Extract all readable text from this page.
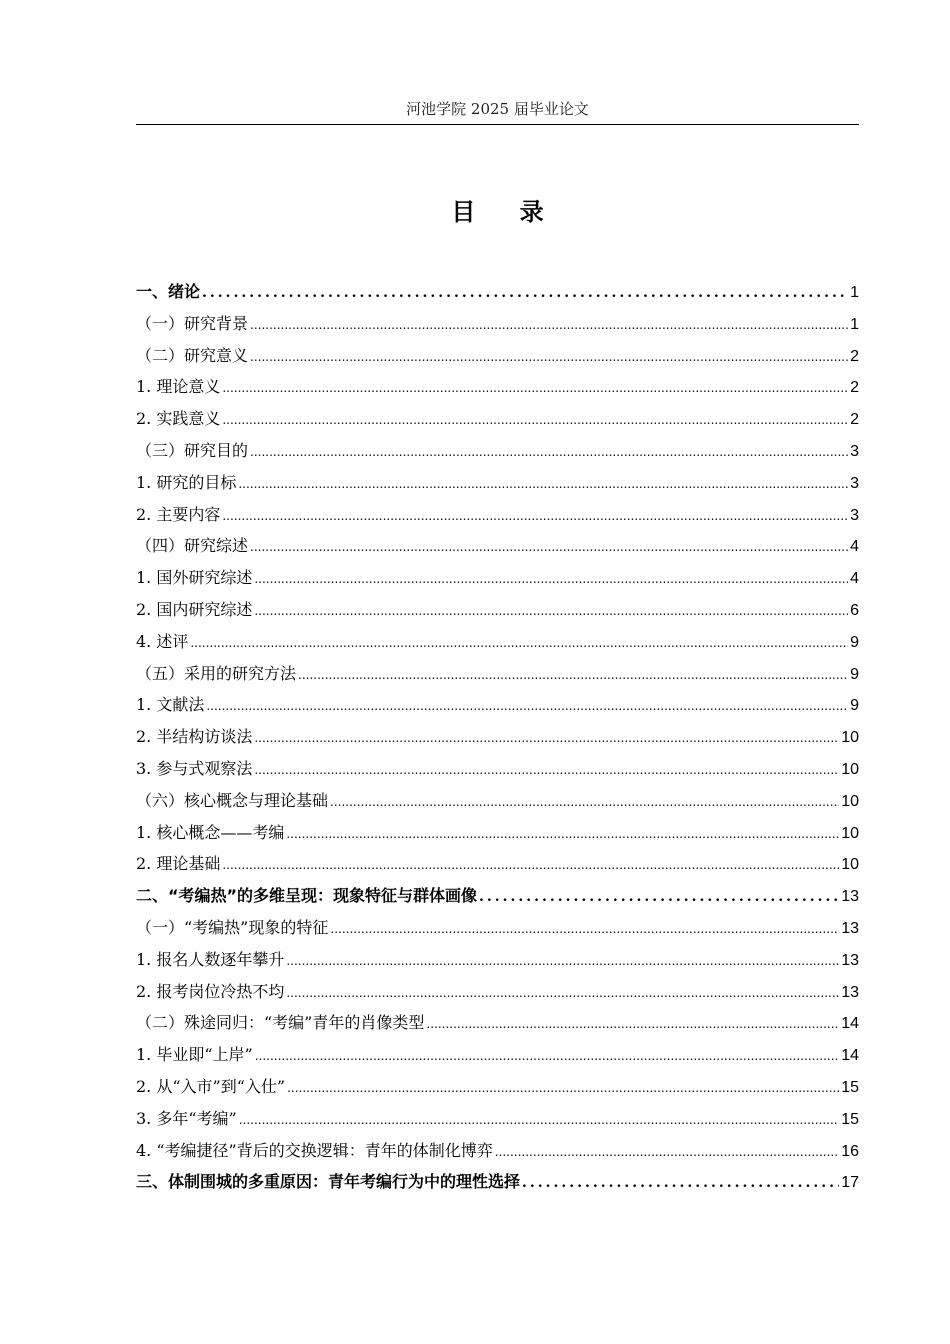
河池学院 2025 届毕业论文
目 录
一、绪论 .....	1
（一）研究背景 .....	1
（二）研究意义 .....	2
1. 理论意义 .....	2
2. 实践意义 .....	2
（三）研究目的 .....	3
1. 研究的目标 .....	3
2. 主要内容 .....	3
（四）研究综述 .....	4
1. 国外研究综述 .....	4
2. 国内研究综述 .....	6
4. 述评 .....	9
（五）采用的研究方法 .....	9
1. 文献法 .....	9
2. 半结构访谈法 .....	10
3. 参与式观察法 .....	10
（六）核心概念与理论基础 .....	10
1. 核心概念——考编 .....	10
2. 理论基础 .....	10
二、“考编热”的多维呈现：现象特征与群体画像 .....	13
（一）“考编热”现象的特征 .....	13
1. 报名人数逐年攀升 .....	13
2. 报考岗位冷热不均 .....	13
（二）殊途同归：“考编”青年的肖像类型 .....	14
1. 毕业即“上岸” .....	14
2. 从“入市”到“入仕” .....	15
3. 多年“考编” .....	15
4. “考编捷径”背后的交换逻辑：青年的体制化博弈 .....	16
三、体制围城的多重原因：青年考编行为中的理性选择 .....	17
